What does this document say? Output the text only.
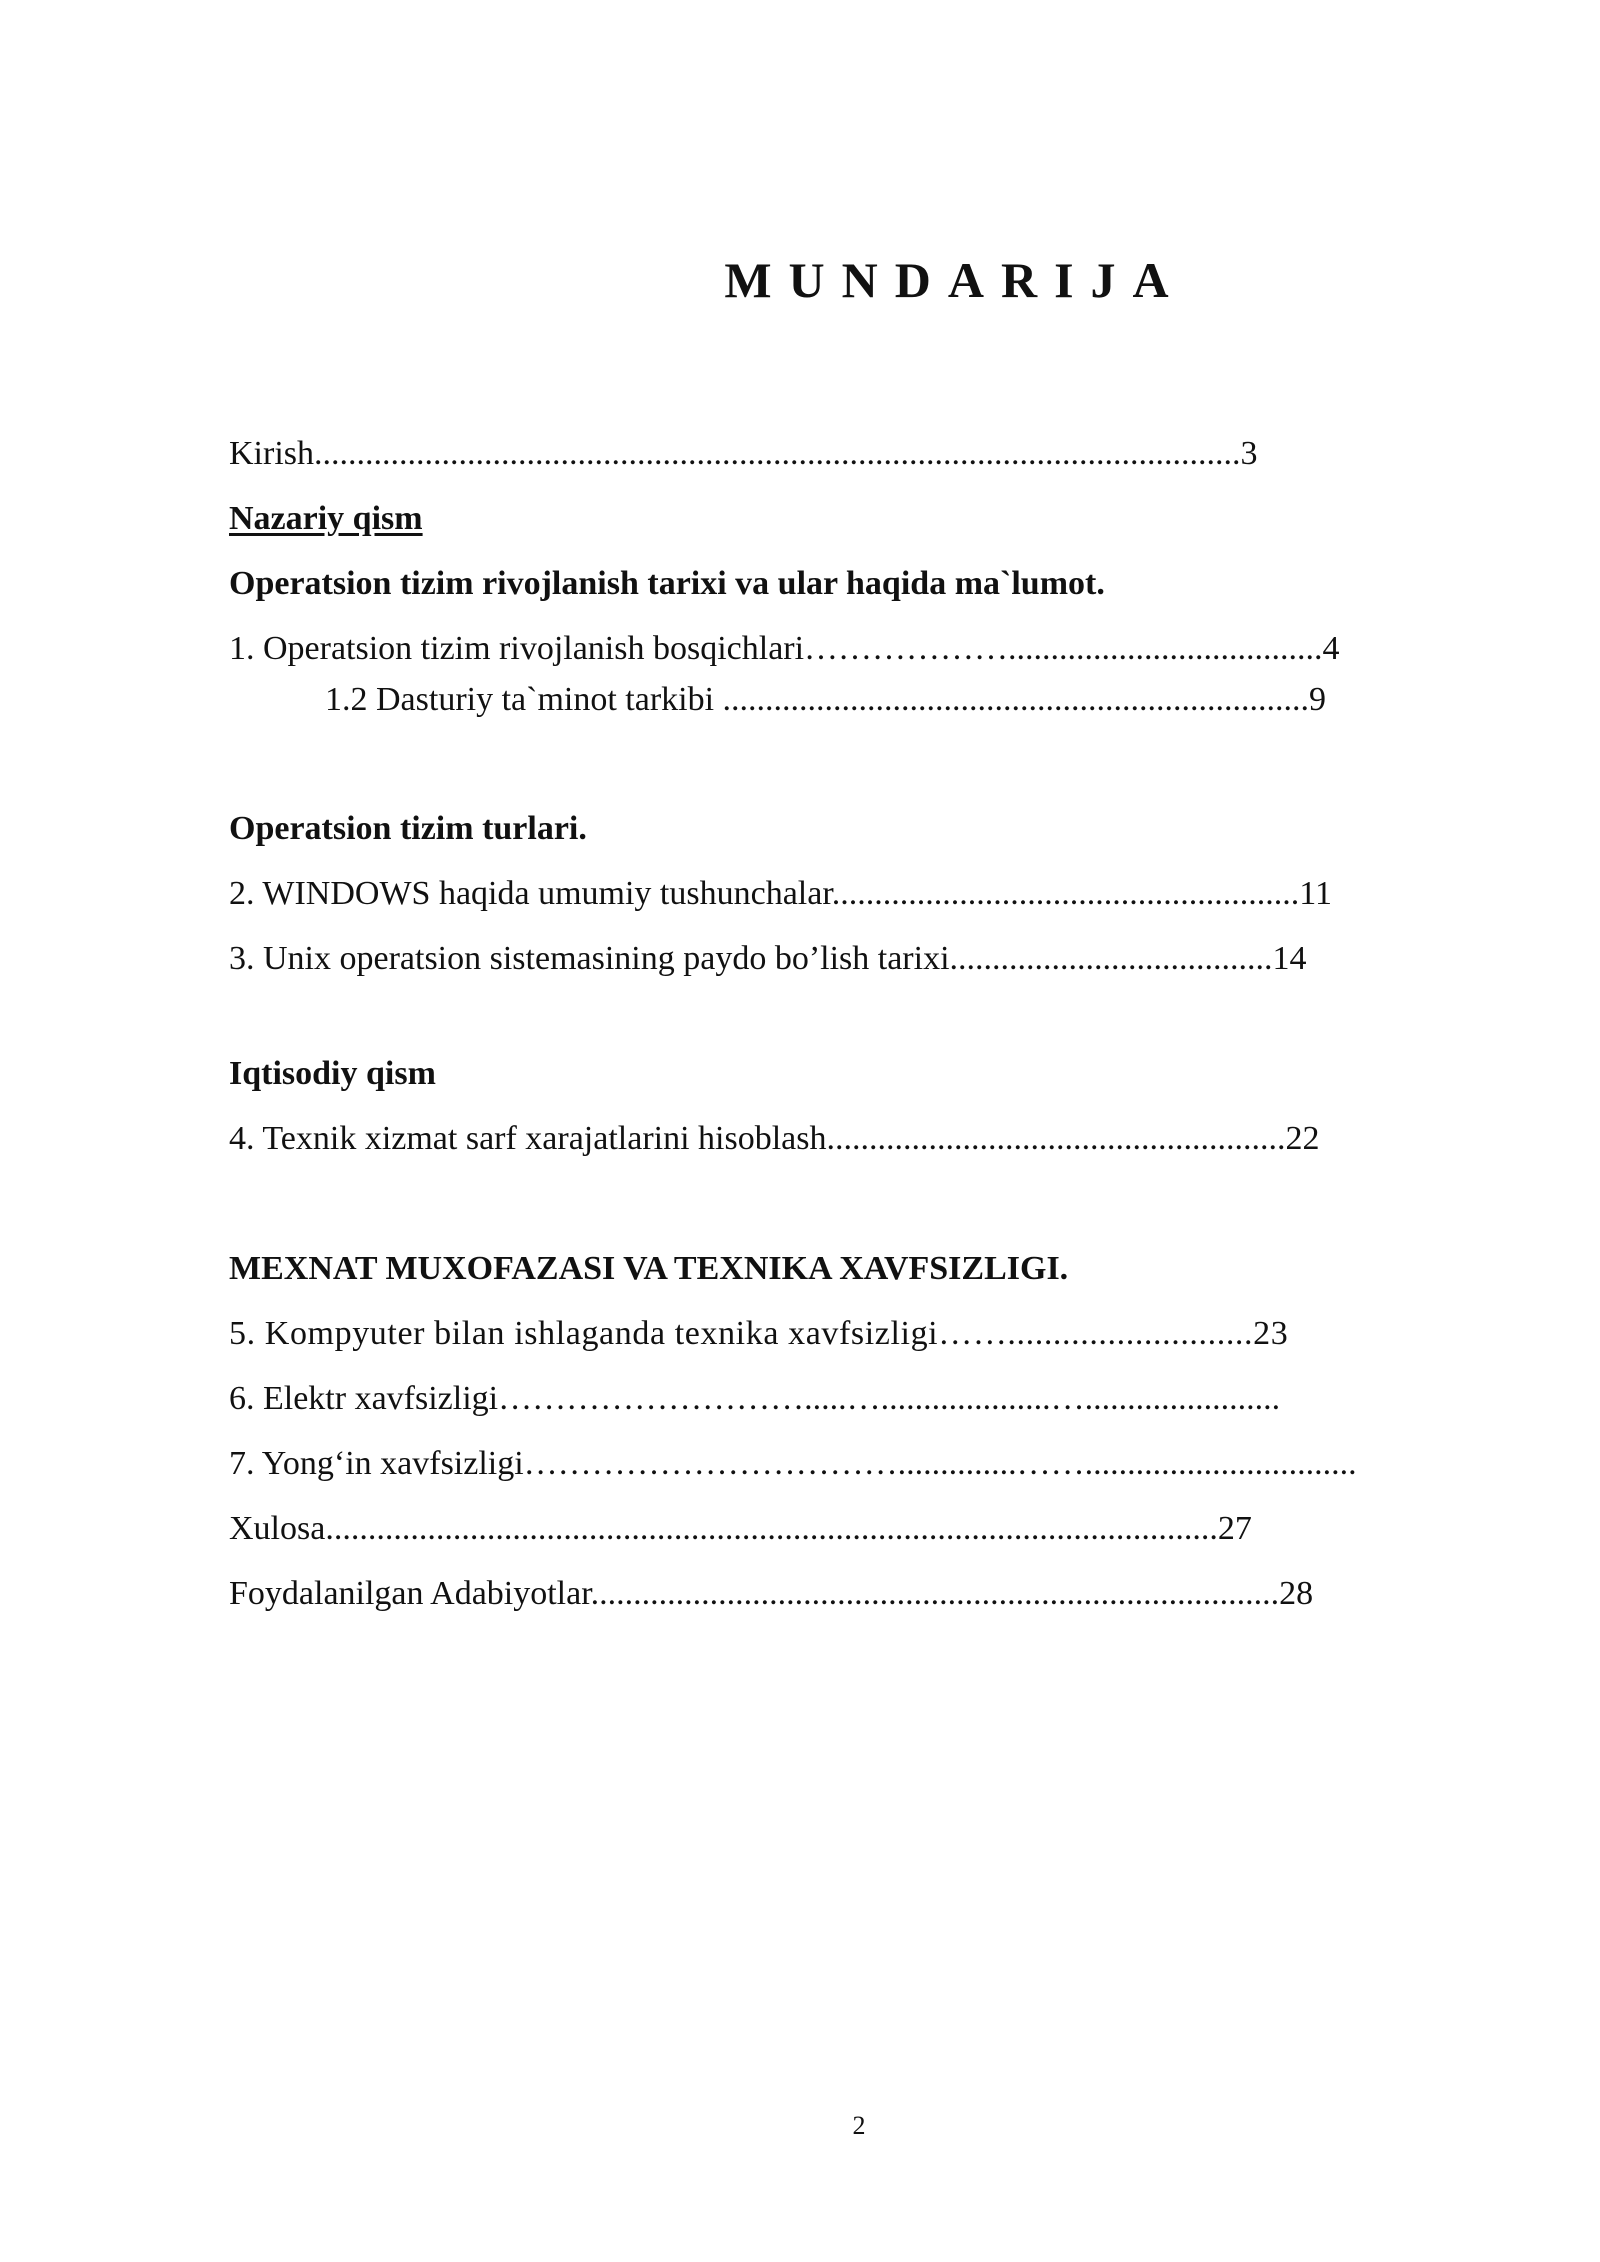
MUNDARIJA
Kirish.............................................................................................................3
Nazariy qism
Operatsion tizim rivojlanish tarixi va ular haqida ma`lumot.
1. Operatsion tizim rivojlanish bosqichlari……………….....................................4
1.2 Dasturiy ta`minot tarkibi .....................................................................9
Operatsion tizim turlari.
2. WINDOWS haqida umumiy tushunchalar.......................................................11
3. Unix operatsion sistemasining paydo bo’lish tarixi......................................14
Iqtisodiy qism
4. Texnik xizmat sarf xarajatlarini hisoblash......................................................22
MEXNAT MUXOFAZASI VA TEXNIKA XAVFSIZLIGI.
5. Kompyuter bilan ishlaganda texnika xavfsizligi……...........................23
6. Elektr xavfsizligi……………………….....…....................….......................
7. Yong‘in xavfsizligi……………………………..............……................................
Xulosa.........................................................................................................27
Foydalanilgan Adabiyotlar.................................................................................28
2
